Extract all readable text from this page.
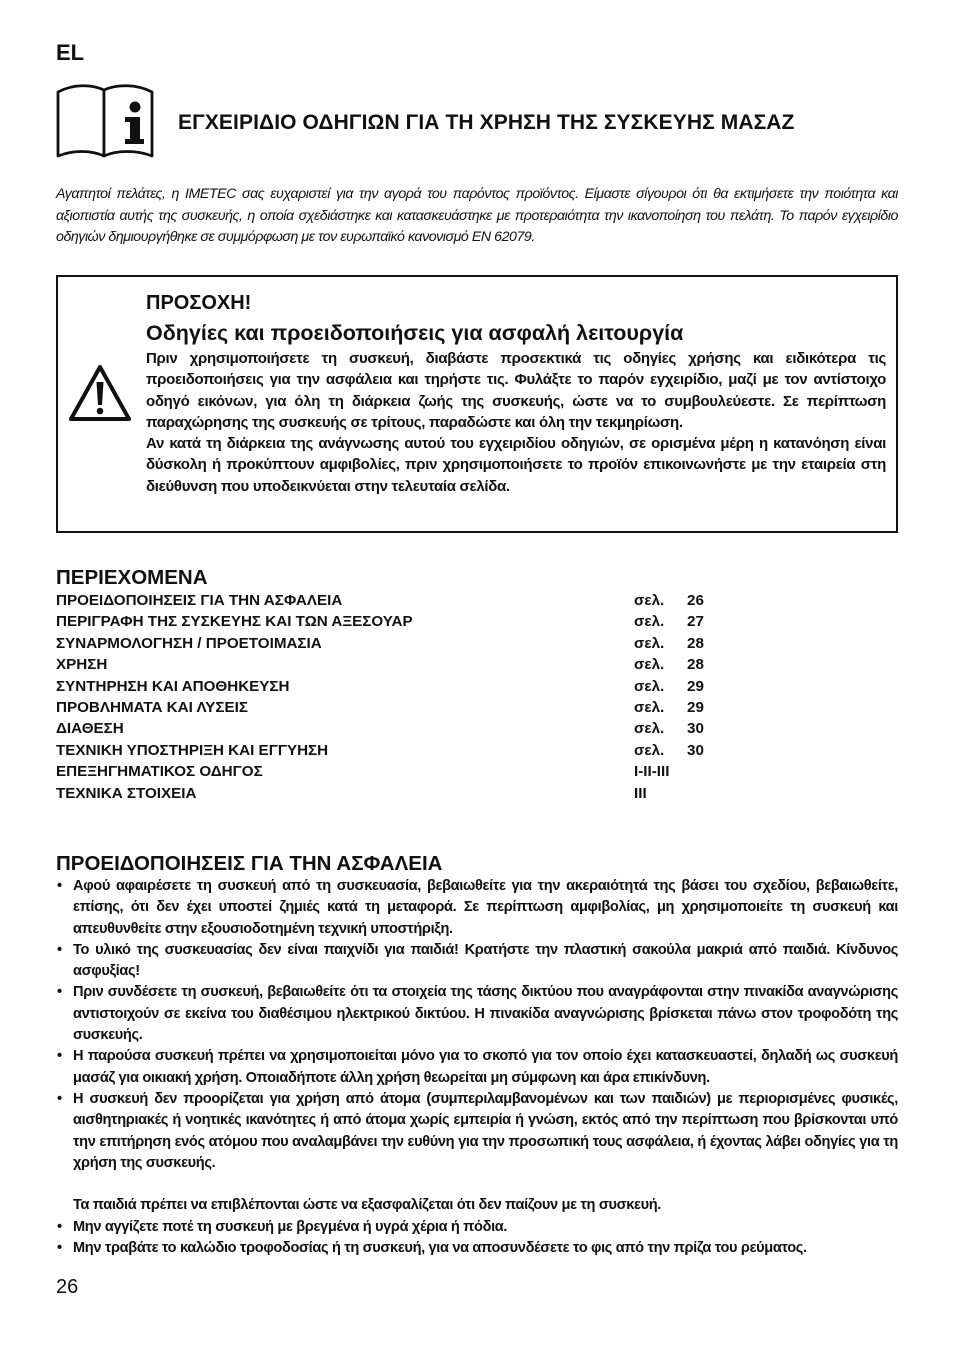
EL
ΕΓΧΕΙΡΙΔΙΟ ΟΔΗΓΙΩΝ ΓΙΑ ΤΗ ΧΡΗΣΗ ΤΗΣ ΣΥΣΚΕΥΗΣ ΜΑΣΑΖ
Αγαπητοί πελάτες, η IMETEC σας ευχαριστεί για την αγορά του παρόντος προϊόντος. Είμαστε σίγουροι ότι θα εκτιμήσετε την ποιότητα και αξιοπιστία αυτής της συσκευής, η οποία σχεδιάστηκε και κατασκευάστηκε με προτεραιότητα την ικανοποίηση του πελάτη. Το παρόν εγχειρίδιο οδηγιών δημιουργήθηκε σε συμμόρφωση με τον ευρωπαϊκό κανονισμό EN 62079.
ΠΡΟΣΟΧΗ!
Οδηγίες και προειδοποιήσεις για ασφαλή λειτουργία

Πριν χρησιμοποιήσετε τη συσκευή, διαβάστε προσεκτικά τις οδηγίες χρήσης και ειδικότερα τις προειδοποιήσεις για την ασφάλεια και τηρήστε τις. Φυλάξτε το παρόν εγχειρίδιο, μαζί με τον αντίστοιχο οδηγό εικόνων, για όλη τη διάρκεια ζωής της συσκευής, ώστε να το συμβουλεύεστε. Σε περίπτωση παραχώρησης της συσκευής σε τρίτους, παραδώστε και όλη την τεκμηρίωση.

Αν κατά τη διάρκεια της ανάγνωσης αυτού του εγχειριδίου οδηγιών, σε ορισμένα μέρη η κατανόηση είναι δύσκολη ή προκύπτουν αμφιβολίες, πριν χρησιμοποιήσετε το προϊόν επικοινωνήστε με την εταιρεία στη διεύθυνση που υποδεικνύεται στην τελευταία σελίδα.

ΠΕΡΙΕΧΟΜΕΝΑ
ΠΡΟΕΙΔΟΠΟΙΗΣΕΙΣ ΓΙΑ ΤΗΝ ΑΣΦΑΛΕΙΑ	σελ. 26
ΠΕΡΙΓΡΑΦΗ ΤΗΣ ΣΥΣΚΕΥΗΣ ΚΑΙ ΤΩΝ ΑΞΕΣΟΥΑΡ	σελ. 27
ΣΥΝΑΡΜΟΛΟΓΗΣΗ / ΠΡΟΕΤΟΙΜΑΣΙΑ	σελ. 28
ΧΡΗΣΗ	σελ. 28
ΣΥΝΤΗΡΗΣΗ ΚΑΙ ΑΠΟΘΗΚΕΥΣΗ	σελ. 29
ΠΡΟΒΛΗΜΑΤΑ ΚΑΙ ΛΥΣΕΙΣ	σελ. 29
ΔΙΑΘΕΣΗ	σελ. 30
ΤΕΧΝΙΚΗ ΥΠΟΣΤΗΡΙΞΗ ΚΑΙ ΕΓΓΥΗΣΗ	σελ. 30
ΕΠΕΞΗΓΗΜΑΤΙΚΟΣ ΟΔΗΓΟΣ	I-II-III
ΤΕΧΝΙΚΑ ΣΤΟΙΧΕΙΑ	III
ΠΡΟΕΙΔΟΠΟΙΗΣΕΙΣ ΓΙΑ ΤΗΝ ΑΣΦΑΛΕΙΑ
• Αφού αφαιρέσετε τη συσκευή από τη συσκευασία, βεβαιωθείτε για την ακεραιότητά της βάσει του σχεδίου, βεβαιωθείτε, επίσης, ότι δεν έχει υποστεί ζημιές κατά τη μεταφορά. Σε περίπτωση αμφιβολίας, μη χρησιμοποιείτε τη συσκευή και απευθυνθείτε στην εξουσιοδοτημένη τεχνική υποστήριξη.
• Το υλικό της συσκευασίας δεν είναι παιχνίδι για παιδιά! Κρατήστε την πλαστική σακούλα μακριά από παιδιά. Κίνδυνος ασφυξίας!
• Πριν συνδέσετε τη συσκευή, βεβαιωθείτε ότι τα στοιχεία της τάσης δικτύου που αναγράφονται στην πινακίδα αναγνώρισης αντιστοιχούν σε εκείνα του διαθέσιμου ηλεκτρικού δικτύου. Η πινακίδα αναγνώρισης βρίσκεται πάνω στον τροφοδότη της συσκευής.
• Η παρούσα συσκευή πρέπει να χρησιμοποιείται μόνο για το σκοπό για τον οποίο έχει κατασκευαστεί, δηλαδή ως συσκευή μασάζ για οικιακή χρήση. Οποιαδήποτε άλλη χρήση θεωρείται μη σύμφωνη και άρα επικίνδυνη.
• Η συσκευή δεν προορίζεται για χρήση από άτομα (συμπεριλαμβανομένων και των παιδιών) με περιορισμένες φυσικές, αισθητηριακές ή νοητικές ικανότητες ή από άτομα χωρίς εμπειρία ή γνώση, εκτός από την περίπτωση που βρίσκονται υπό την επιτήρηση ενός ατόμου που αναλαμβάνει την ευθύνη για την προσωπική τους ασφάλεια, ή έχοντας λάβει οδηγίες για τη χρήση της συσκευής.
Τα παιδιά πρέπει να επιβλέπονται ώστε να εξασφαλίζεται ότι δεν παίζουν με τη συσκευή.
• Μην αγγίζετε ποτέ τη συσκευή με βρεγμένα ή υγρά χέρια ή πόδια.
• Μην τραβάτε το καλώδιο τροφοδοσίας ή τη συσκευή, για να αποσυνδέσετε το φις από την πρίζα του ρεύματος.
26
